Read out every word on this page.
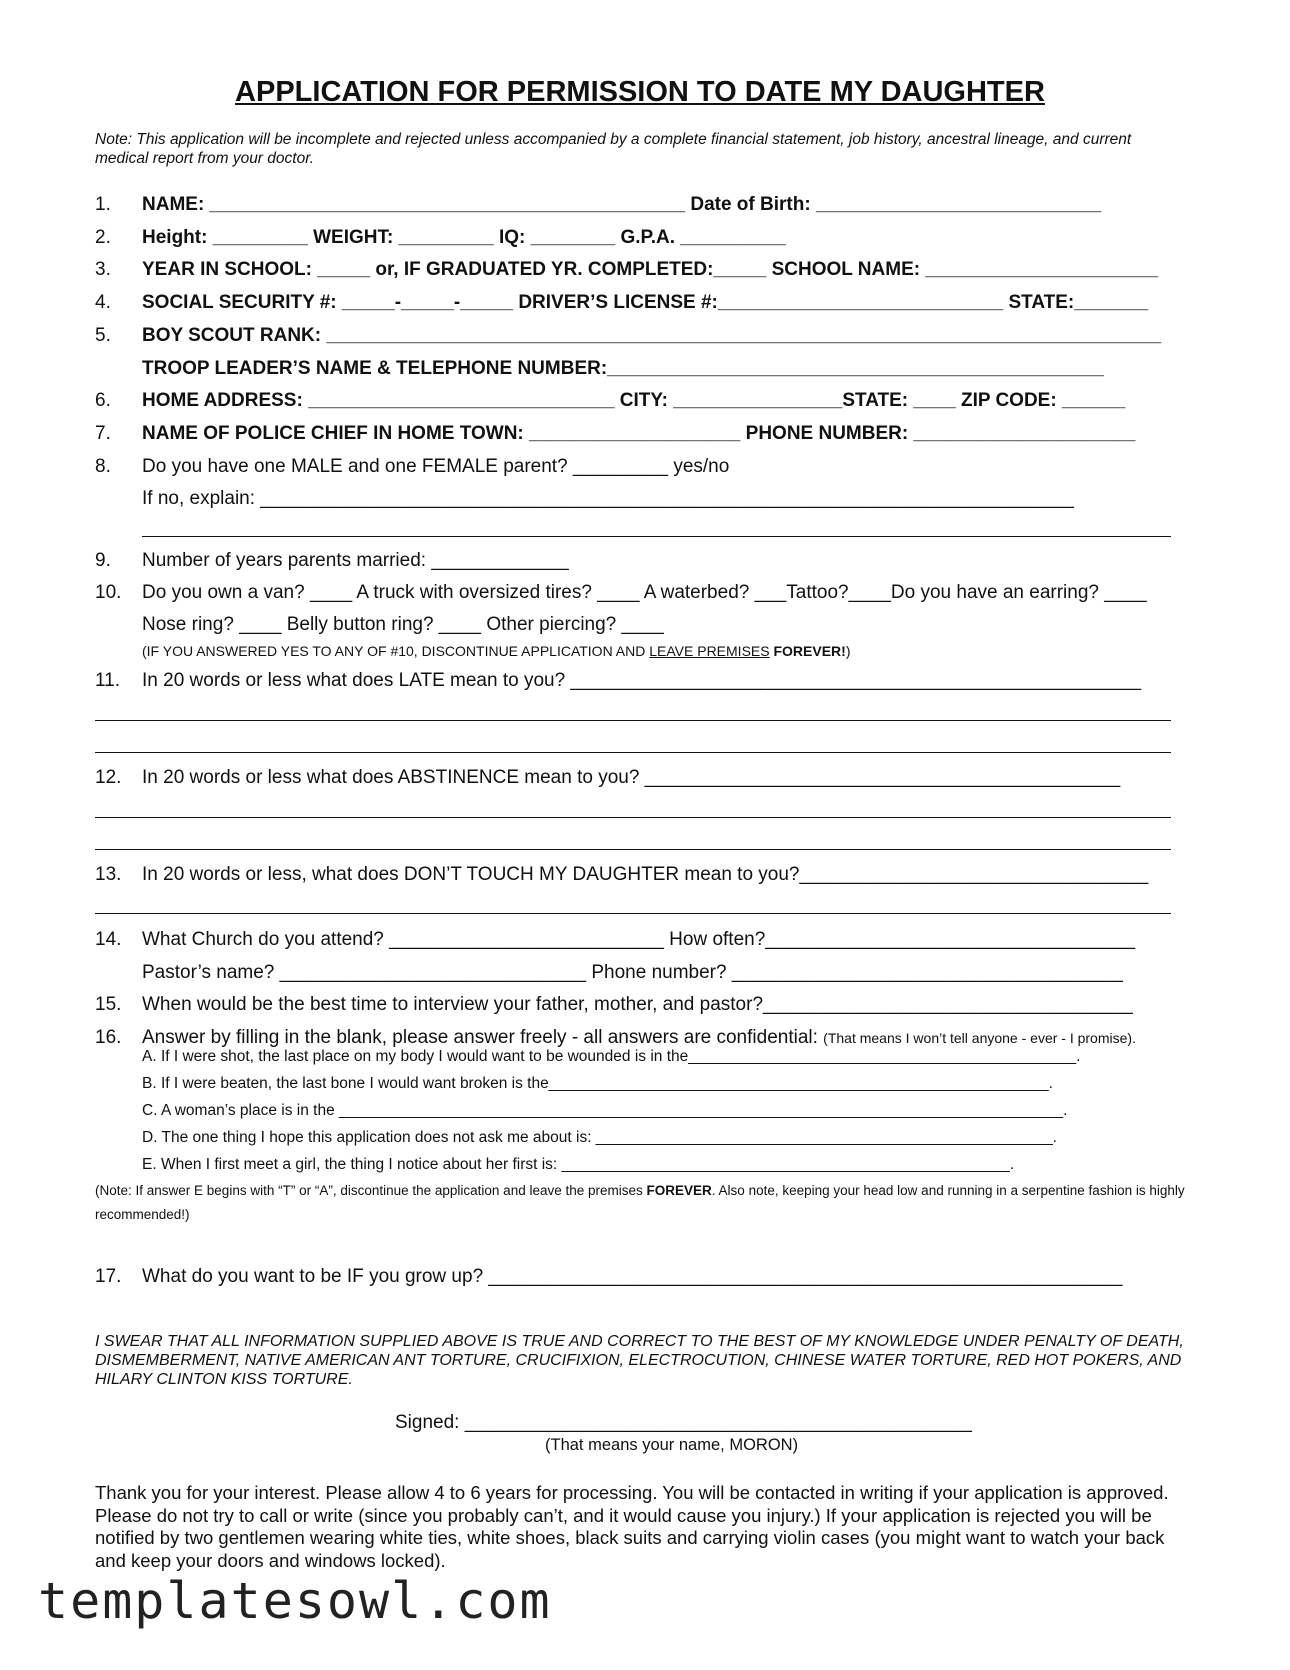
APPLICATION FOR PERMISSION TO DATE MY DAUGHTER
Note: This application will be incomplete and rejected unless accompanied by a complete financial statement, job history, ancestral lineage, and current medical report from your doctor.
1. NAME: _____________________________________________ Date of Birth: ___________________________
2. Height: _________ WEIGHT: _________ IQ: ________ G.P.A. __________
3. YEAR IN SCHOOL: _____ or, IF GRADUATED YR. COMPLETED:_____ SCHOOL NAME: ______________________
4. SOCIAL SECURITY #: _____-_____-_____ DRIVER’S LICENSE #:___________________________ STATE:_______
5. BOY SCOUT RANK: _______________________________________________________________________________
TROOP LEADER’S NAME & TELEPHONE NUMBER:_______________________________________________
6. HOME ADDRESS: _____________________________ CITY: ________________STATE: ____ ZIP CODE: ______
7. NAME OF POLICE CHIEF IN HOME TOWN: ____________________ PHONE NUMBER: _____________________
8. Do you have one MALE and one FEMALE parent? _________ yes/no
If no, explain: _____________________________________________________________________________
9. Number of years parents married: _____________
10. Do you own a van? ____ A truck with oversized tires? ____ A waterbed? ___Tattoo?____Do you have an earring? ____
Nose ring? ____ Belly button ring? ____ Other piercing? ____
(IF YOU ANSWERED YES TO ANY OF #10, DISCONTINUE APPLICATION AND LEAVE PREMISES FOREVER!)
11. In 20 words or less what does LATE mean to you? ______________________________________________________
12. In 20 words or less what does ABSTINENCE mean to you? _____________________________________________
13. In 20 words or less, what does DON’T TOUCH MY DAUGHTER mean to you?_________________________________
14. What Church do you attend? __________________________ How often?___________________________________
Pastor’s name? _____________________________ Phone number? _____________________________________
15. When would be the best time to interview your father, mother, and pastor?___________________________________
16. Answer by filling in the blank, please answer freely - all answers are confidential: (That means I won’t tell anyone - ever - I promise).
A. If I were shot, the last place on my body I would want to be wounded is in the_____________________________________________.
B. If I were beaten, the last bone I would want broken is the__________________________________________________________.
C. A woman’s place is in the ____________________________________________________________________________________.
D. The one thing I hope this application does not ask me about is: _____________________________________________________.
E. When I first meet a girl, the thing I notice about her first is: ____________________________________________________.
(Note: If answer E begins with “T” or “A”, discontinue the application and leave the premises FOREVER. Also note, keeping your head low and running in a serpentine fashion is highly recommended!)
17. What do you want to be IF you grow up? ____________________________________________________________
I SWEAR THAT ALL INFORMATION SUPPLIED ABOVE IS TRUE AND CORRECT TO THE BEST OF MY KNOWLEDGE UNDER PENALTY OF DEATH, DISMEMBERMENT, NATIVE AMERICAN ANT TORTURE, CRUCIFIXION, ELECTROCUTION, CHINESE WATER TORTURE, RED HOT POKERS, AND HILARY CLINTON KISS TORTURE.
Signed: ________________________________________________
(That means your name, MORON)
Thank you for your interest. Please allow 4 to 6 years for processing. You will be contacted in writing if your application is approved. Please do not try to call or write (since you probably can’t, and it would cause you injury.) If your application is rejected you will be notified by two gentlemen wearing white ties, white shoes, black suits and carrying violin cases (you might want to watch your back and keep your doors and windows locked).
templatesowl.com
